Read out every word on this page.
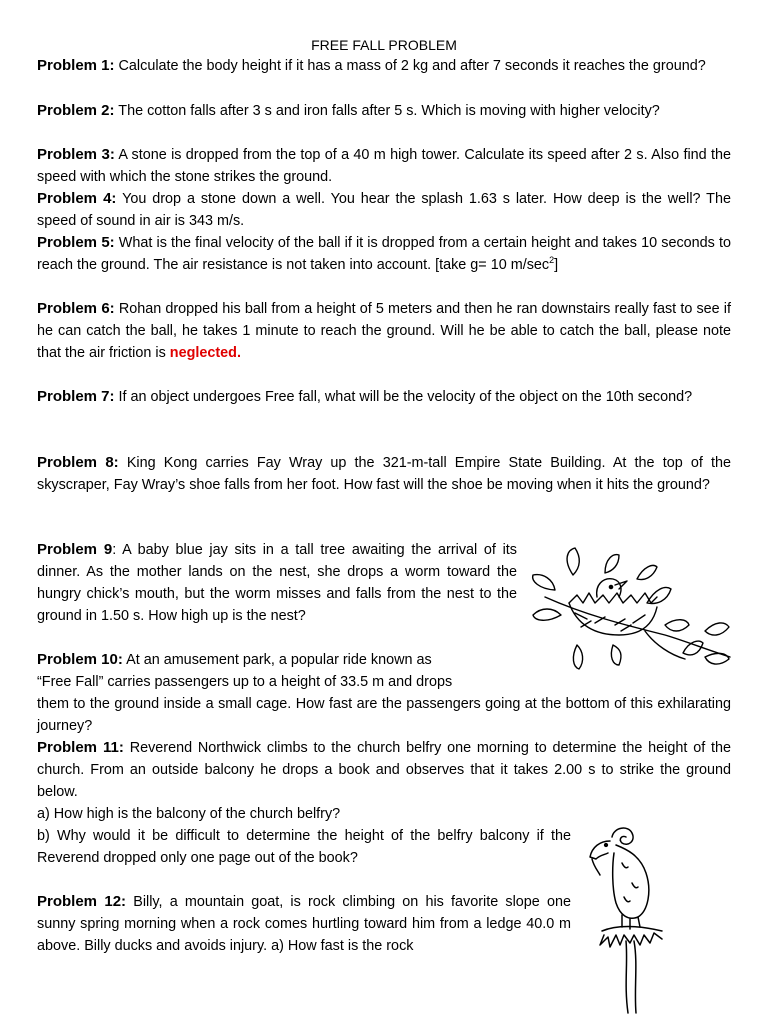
FREE FALL PROBLEM
Problem 1: Calculate the body height if it has a mass of 2 kg and after 7 seconds it reaches the ground?
Problem 2: The cotton falls after 3 s and iron falls after 5 s. Which is moving with higher velocity?
Problem 3: A stone is dropped from the top of a 40 m high tower. Calculate its speed after 2 s. Also find the speed with which the stone strikes the ground.
Problem 4: You drop a stone down a well. You hear the splash 1.63 s later. How deep is the well? The speed of sound in air is 343 m/s.
Problem 5: What is the final velocity of the ball if it is dropped from a certain height and takes 10 seconds to reach the ground. The air resistance is not taken into account. [take g= 10 $m/\sec^2$]
Problem 6: Rohan dropped his ball from a height of 5 meters and then he ran downstairs really fast to see if he can catch the ball, he takes 1 minute to reach the ground. Will he be able to catch the ball, please note that the air friction is neglected.
Problem 7: If an object undergoes Free fall, what will be the velocity of the object on the 10th second?
Problem 8: King Kong carries Fay Wray up the 321-m-tall Empire State Building. At the top of the skyscraper, Fay Wray’s shoe falls from her foot. How fast will the shoe be moving when it hits the ground?
Problem 9: A baby blue jay sits in a tall tree awaiting the arrival of its dinner. As the mother lands on the nest, she drops a worm toward the hungry chick’s mouth, but the worm misses and falls from the nest to the ground in 1.50 s. How high up is the nest?
Problem 10: At an amusement park, a popular ride known as
“Free Fall” carries passengers up to a height of 33.5 m and drops
them to the ground inside a small cage. How fast are the passengers going at the bottom of this exhilarating journey?
Problem 11: Reverend Northwick climbs to the church belfry one morning to determine the height of the church. From an outside balcony he drops a book and observes that it takes 2.00 s to strike the ground below.
a) How high is the balcony of the church belfry?
b) Why would it be difficult to determine the height of the belfry balcony if the Reverend dropped only one page out of the book?
Problem 12: Billy, a mountain goat, is rock climbing on his favorite slope one sunny spring morning when a rock comes hurtling toward him from a ledge 40.0 m above. Billy ducks and avoids injury. a) How fast is the rock
